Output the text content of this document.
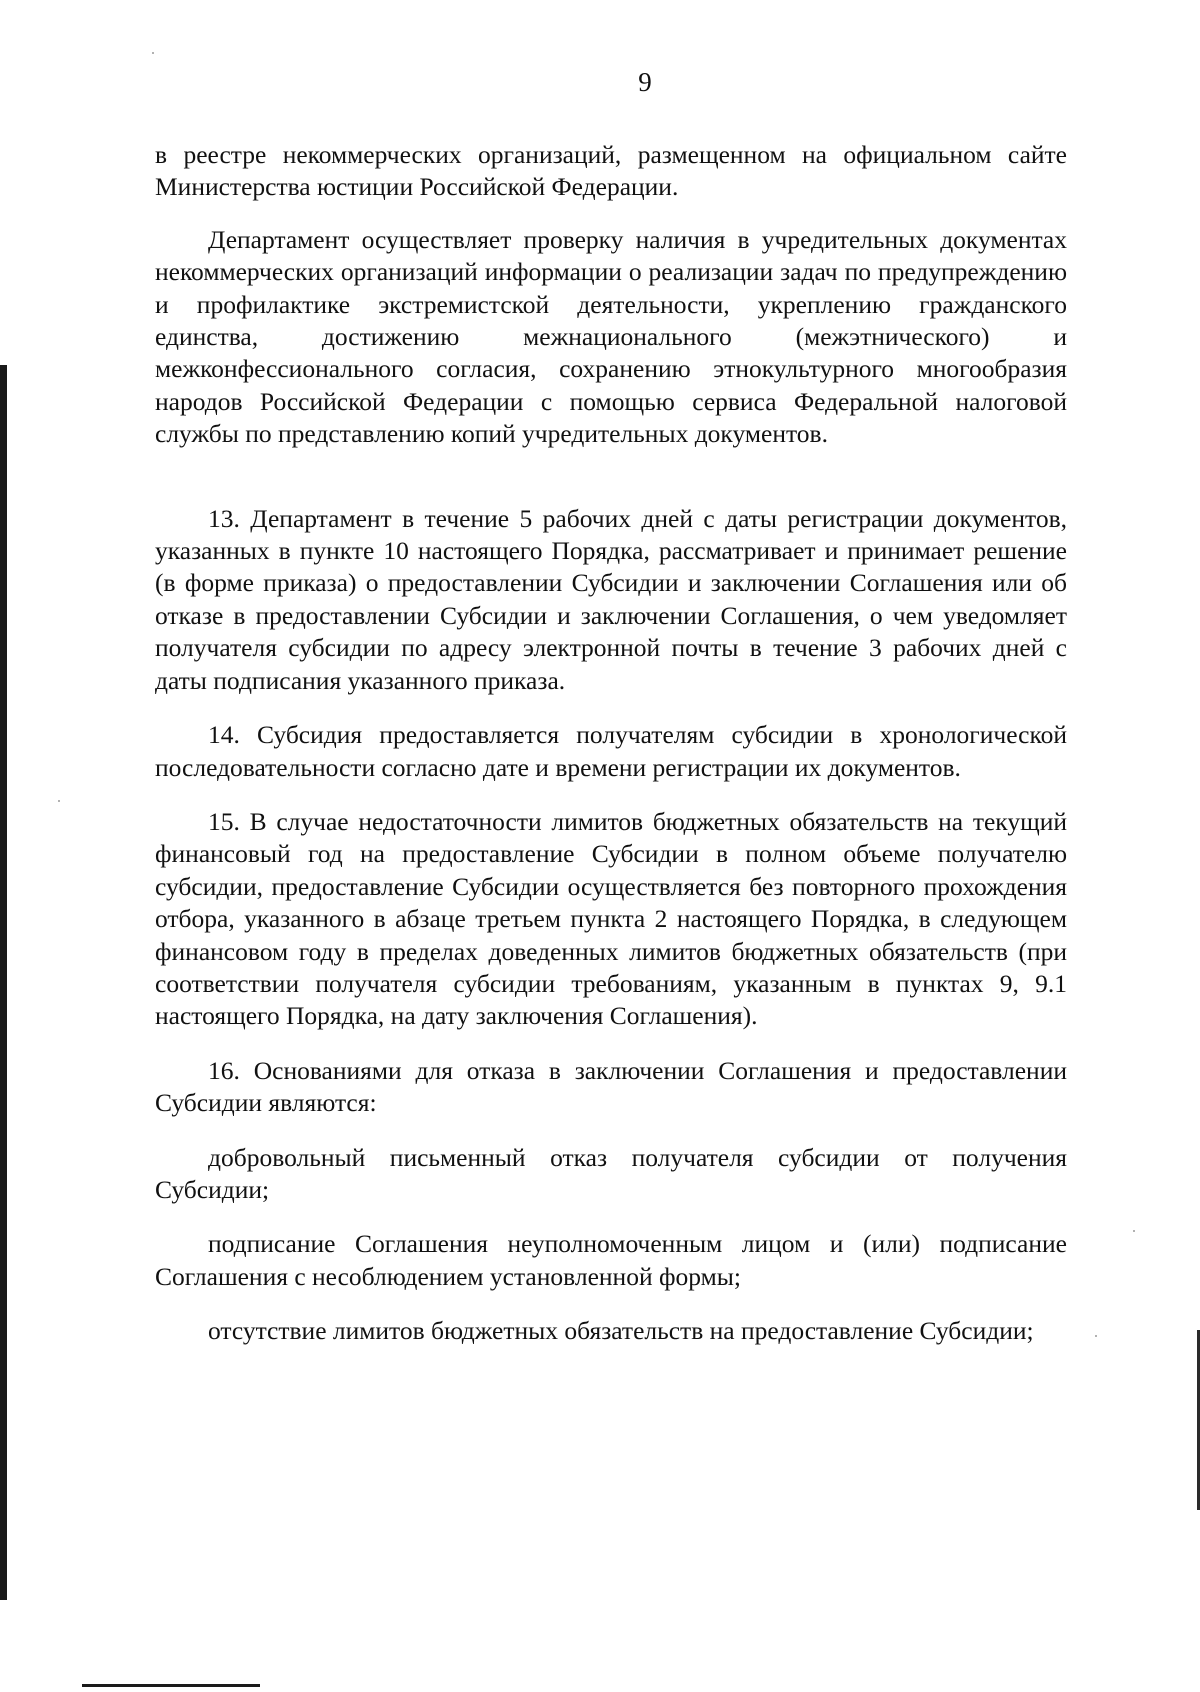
9

в реестре некоммерческих организаций, размещенном на официальном сайте Министерства юстиции Российской Федерации.

Департамент осуществляет проверку наличия в учредительных документах некоммерческих организаций информации о реализации задач по предупреждению и профилактике экстремистской деятельности, укреплению гражданского единства, достижению межнационального (межэтнического) и межконфессионального согласия, сохранению этнокультурного многообразия народов Российской Федерации с помощью сервиса Федеральной налоговой службы по представлению копий учредительных документов.

13. Департамент в течение 5 рабочих дней с даты регистрации документов, указанных в пункте 10 настоящего Порядка, рассматривает и принимает решение (в форме приказа) о предоставлении Субсидии и заключении Соглашения или об отказе в предоставлении Субсидии и заключении Соглашения, о чем уведомляет получателя субсидии по адресу электронной почты в течение 3 рабочих дней с даты подписания указанного приказа.

14. Субсидия предоставляется получателям субсидии в хронологической последовательности согласно дате и времени регистрации их документов.

15. В случае недостаточности лимитов бюджетных обязательств на текущий финансовый год на предоставление Субсидии в полном объеме получателю субсидии, предоставление Субсидии осуществляется без повторного прохождения отбора, указанного в абзаце третьем пункта 2 настоящего Порядка, в следующем финансовом году в пределах доведенных лимитов бюджетных обязательств (при соответствии получателя субсидии требованиям, указанным в пунктах 9, 9.1 настоящего Порядка, на дату заключения Соглашения).

16. Основаниями для отказа в заключении Соглашения и предоставлении Субсидии являются:

добровольный письменный отказ получателя субсидии от получения Субсидии;

подписание Соглашения неуполномоченным лицом и (или) подписание Соглашения с несоблюдением установленной формы;

отсутствие лимитов бюджетных обязательств на предоставление Субсидии;
